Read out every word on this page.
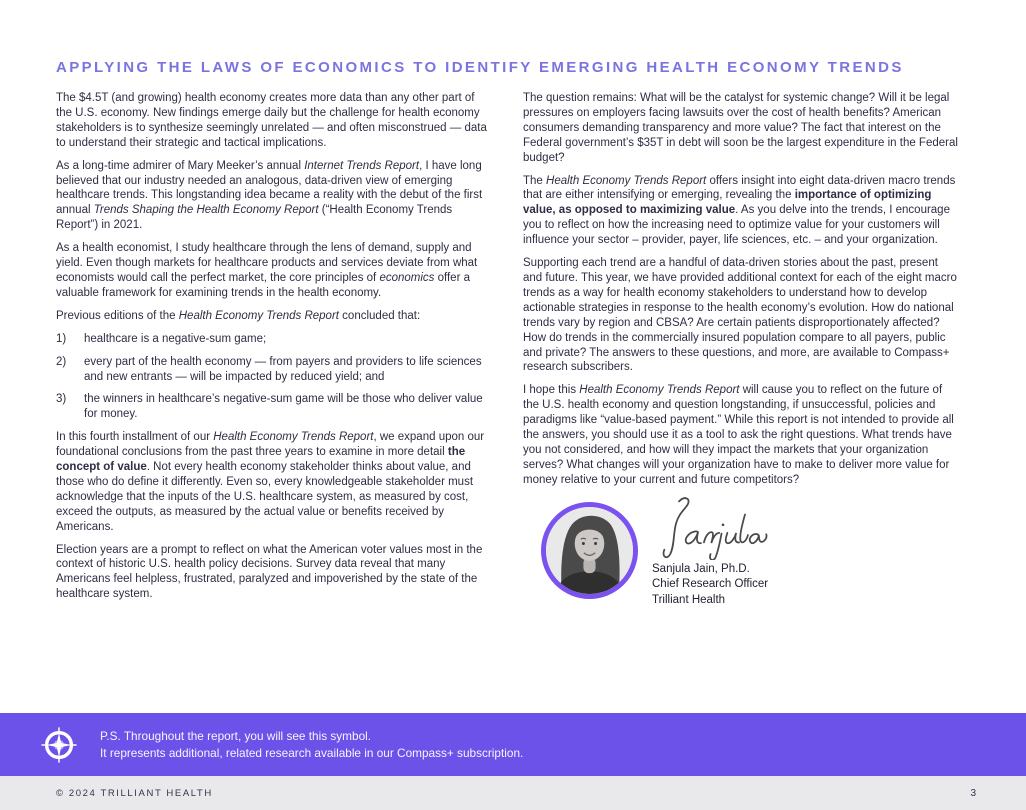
APPLYING THE LAWS OF ECONOMICS TO IDENTIFY EMERGING HEALTH ECONOMY TRENDS
The $4.5T (and growing) health economy creates more data than any other part of the U.S. economy. New findings emerge daily but the challenge for health economy stakeholders is to synthesize seemingly unrelated — and often misconstrued — data to understand their strategic and tactical implications.
As a long-time admirer of Mary Meeker’s annual Internet Trends Report, I have long believed that our industry needed an analogous, data-driven view of emerging healthcare trends. This longstanding idea became a reality with the debut of the first annual Trends Shaping the Health Economy Report (“Health Economy Trends Report”) in 2021.
As a health economist, I study healthcare through the lens of demand, supply and yield. Even though markets for healthcare products and services deviate from what economists would call the perfect market, the core principles of economics offer a valuable framework for examining trends in the health economy.
Previous editions of the Health Economy Trends Report concluded that:
1)	healthcare is a negative-sum game;
2)	every part of the health economy — from payers and providers to life sciences and new entrants — will be impacted by reduced yield; and
3)	the winners in healthcare’s negative-sum game will be those who deliver value for money.
In this fourth installment of our Health Economy Trends Report, we expand upon our foundational conclusions from the past three years to examine in more detail the concept of value. Not every health economy stakeholder thinks about value, and those who do define it differently. Even so, every knowledgeable stakeholder must acknowledge that the inputs of the U.S. healthcare system, as measured by cost, exceed the outputs, as measured by the actual value or benefits received by Americans.
Election years are a prompt to reflect on what the American voter values most in the context of historic U.S. health policy decisions. Survey data reveal that many Americans feel helpless, frustrated, paralyzed and impoverished by the state of the healthcare system.
The question remains: What will be the catalyst for systemic change? Will it be legal pressures on employers facing lawsuits over the cost of health benefits? American consumers demanding transparency and more value? The fact that interest on the Federal government’s $35T in debt will soon be the largest expenditure in the Federal budget?
The Health Economy Trends Report offers insight into eight data-driven macro trends that are either intensifying or emerging, revealing the importance of optimizing value, as opposed to maximizing value. As you delve into the trends, I encourage you to reflect on how the increasing need to optimize value for your customers will influence your sector – provider, payer, life sciences, etc. – and your organization.
Supporting each trend are a handful of data-driven stories about the past, present and future. This year, we have provided additional context for each of the eight macro trends as a way for health economy stakeholders to understand how to develop actionable strategies in response to the health economy’s evolution. How do national trends vary by region and CBSA? Are certain patients disproportionately affected? How do trends in the commercially insured population compare to all payers, public and private? The answers to these questions, and more, are available to Compass+ research subscribers.
I hope this Health Economy Trends Report will cause you to reflect on the future of the U.S. health economy and question longstanding, if unsuccessful, policies and paradigms like “value-based payment.” While this report is not intended to provide all the answers, you should use it as a tool to ask the right questions. What trends have you not considered, and how will they impact the markets that your organization serves? What changes will your organization have to make to deliver more value for money relative to your current and future competitors?
Sanjula Jain, Ph.D.
Chief Research Officer
Trilliant Health
P.S. Throughout the report, you will see this symbol.
It represents additional, related research available in our Compass+ subscription.
© 2024 TRILLIANT HEALTH	3
